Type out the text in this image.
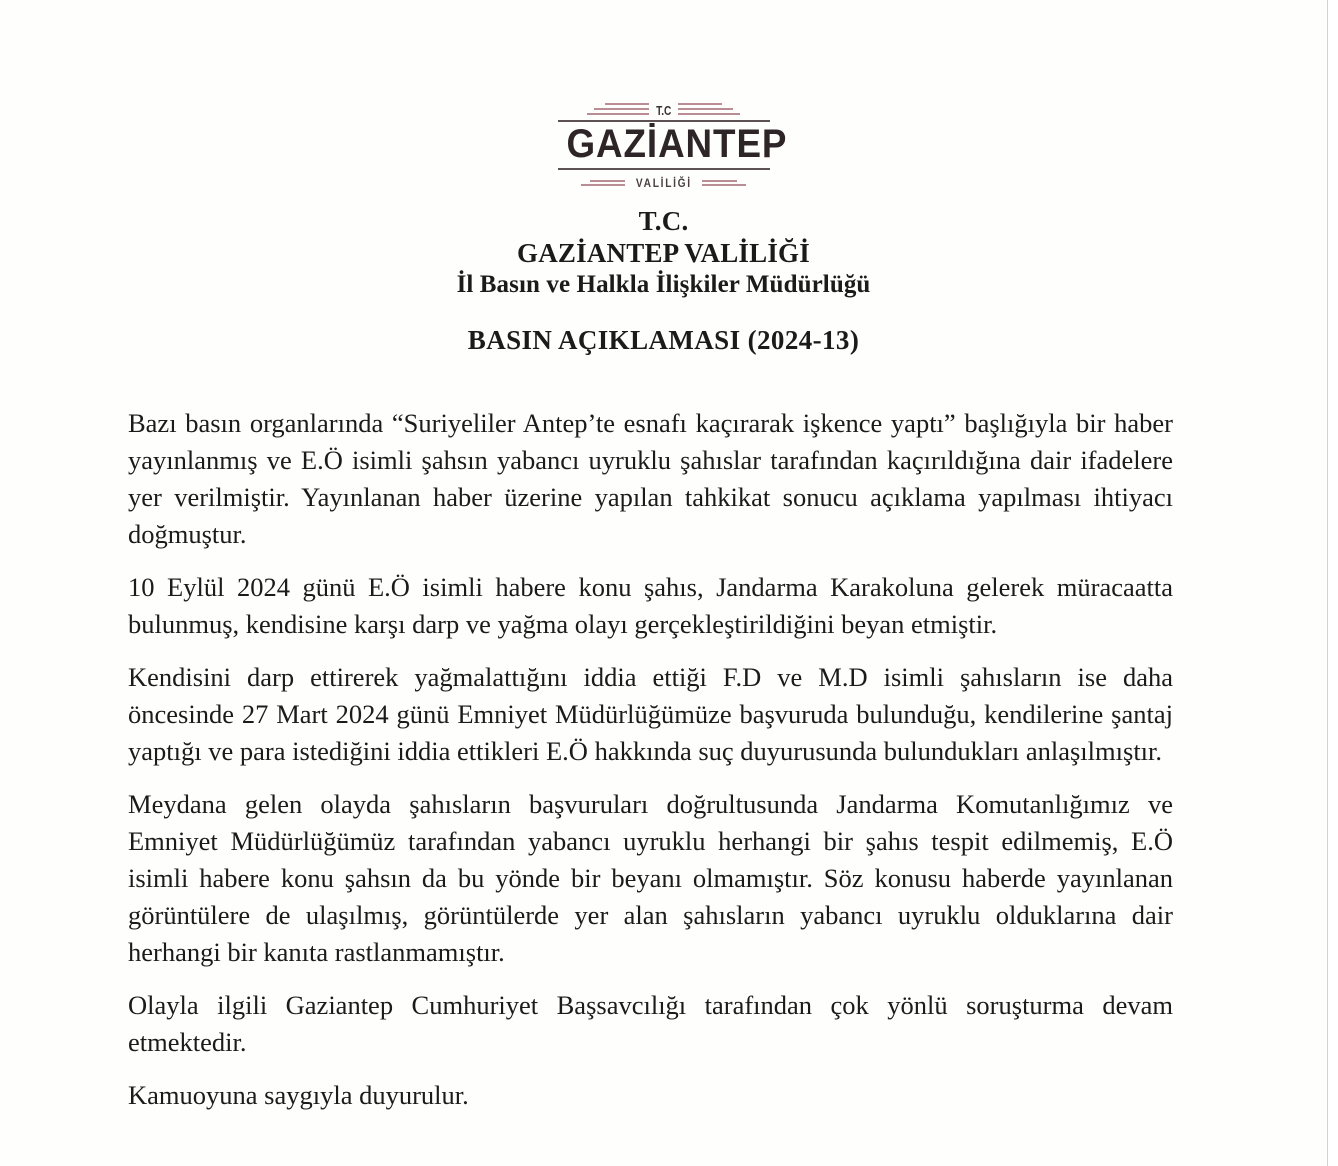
T.C
GAZİANTEP
VALİLİĞİ
T.C.
GAZİANTEP VALİLİĞİ
İl Basın ve Halkla İlişkiler Müdürlüğü
BASIN AÇIKLAMASI (2024-13)

Bazı basın organlarında “Suriyeliler Antep’te esnafı kaçırarak işkence yaptı” başlığıyla bir haber yayınlanmış ve E.Ö isimli şahsın yabancı uyruklu şahıslar tarafından kaçırıldığına dair ifadelere yer verilmiştir. Yayınlanan haber üzerine yapılan tahkikat sonucu açıklama yapılması ihtiyacı doğmuştur.

10 Eylül 2024 günü E.Ö isimli habere konu şahıs, Jandarma Karakoluna gelerek müracaatta bulunmuş, kendisine karşı darp ve yağma olayı gerçekleştirildiğini beyan etmiştir.

Kendisini darp ettirerek yağmalattığını iddia ettiği F.D ve M.D isimli şahısların ise daha öncesinde 27 Mart 2024 günü Emniyet Müdürlüğümüze başvuruda bulunduğu, kendilerine şantaj yaptığı ve para istediğini iddia ettikleri E.Ö hakkında suç duyurusunda bulundukları anlaşılmıştır.

Meydana gelen olayda şahısların başvuruları doğrultusunda Jandarma Komutanlığımız ve Emniyet Müdürlüğümüz tarafından yabancı uyruklu herhangi bir şahıs tespit edilmemiş, E.Ö isimli habere konu şahsın da bu yönde bir beyanı olmamıştır. Söz konusu haberde yayınlanan görüntülere de ulaşılmış, görüntülerde yer alan şahısların yabancı uyruklu olduklarına dair herhangi bir kanıta rastlanmamıştır.

Olayla ilgili Gaziantep Cumhuriyet Başsavcılığı tarafından çok yönlü soruşturma devam etmektedir.

Kamuoyuna saygıyla duyurulur.
